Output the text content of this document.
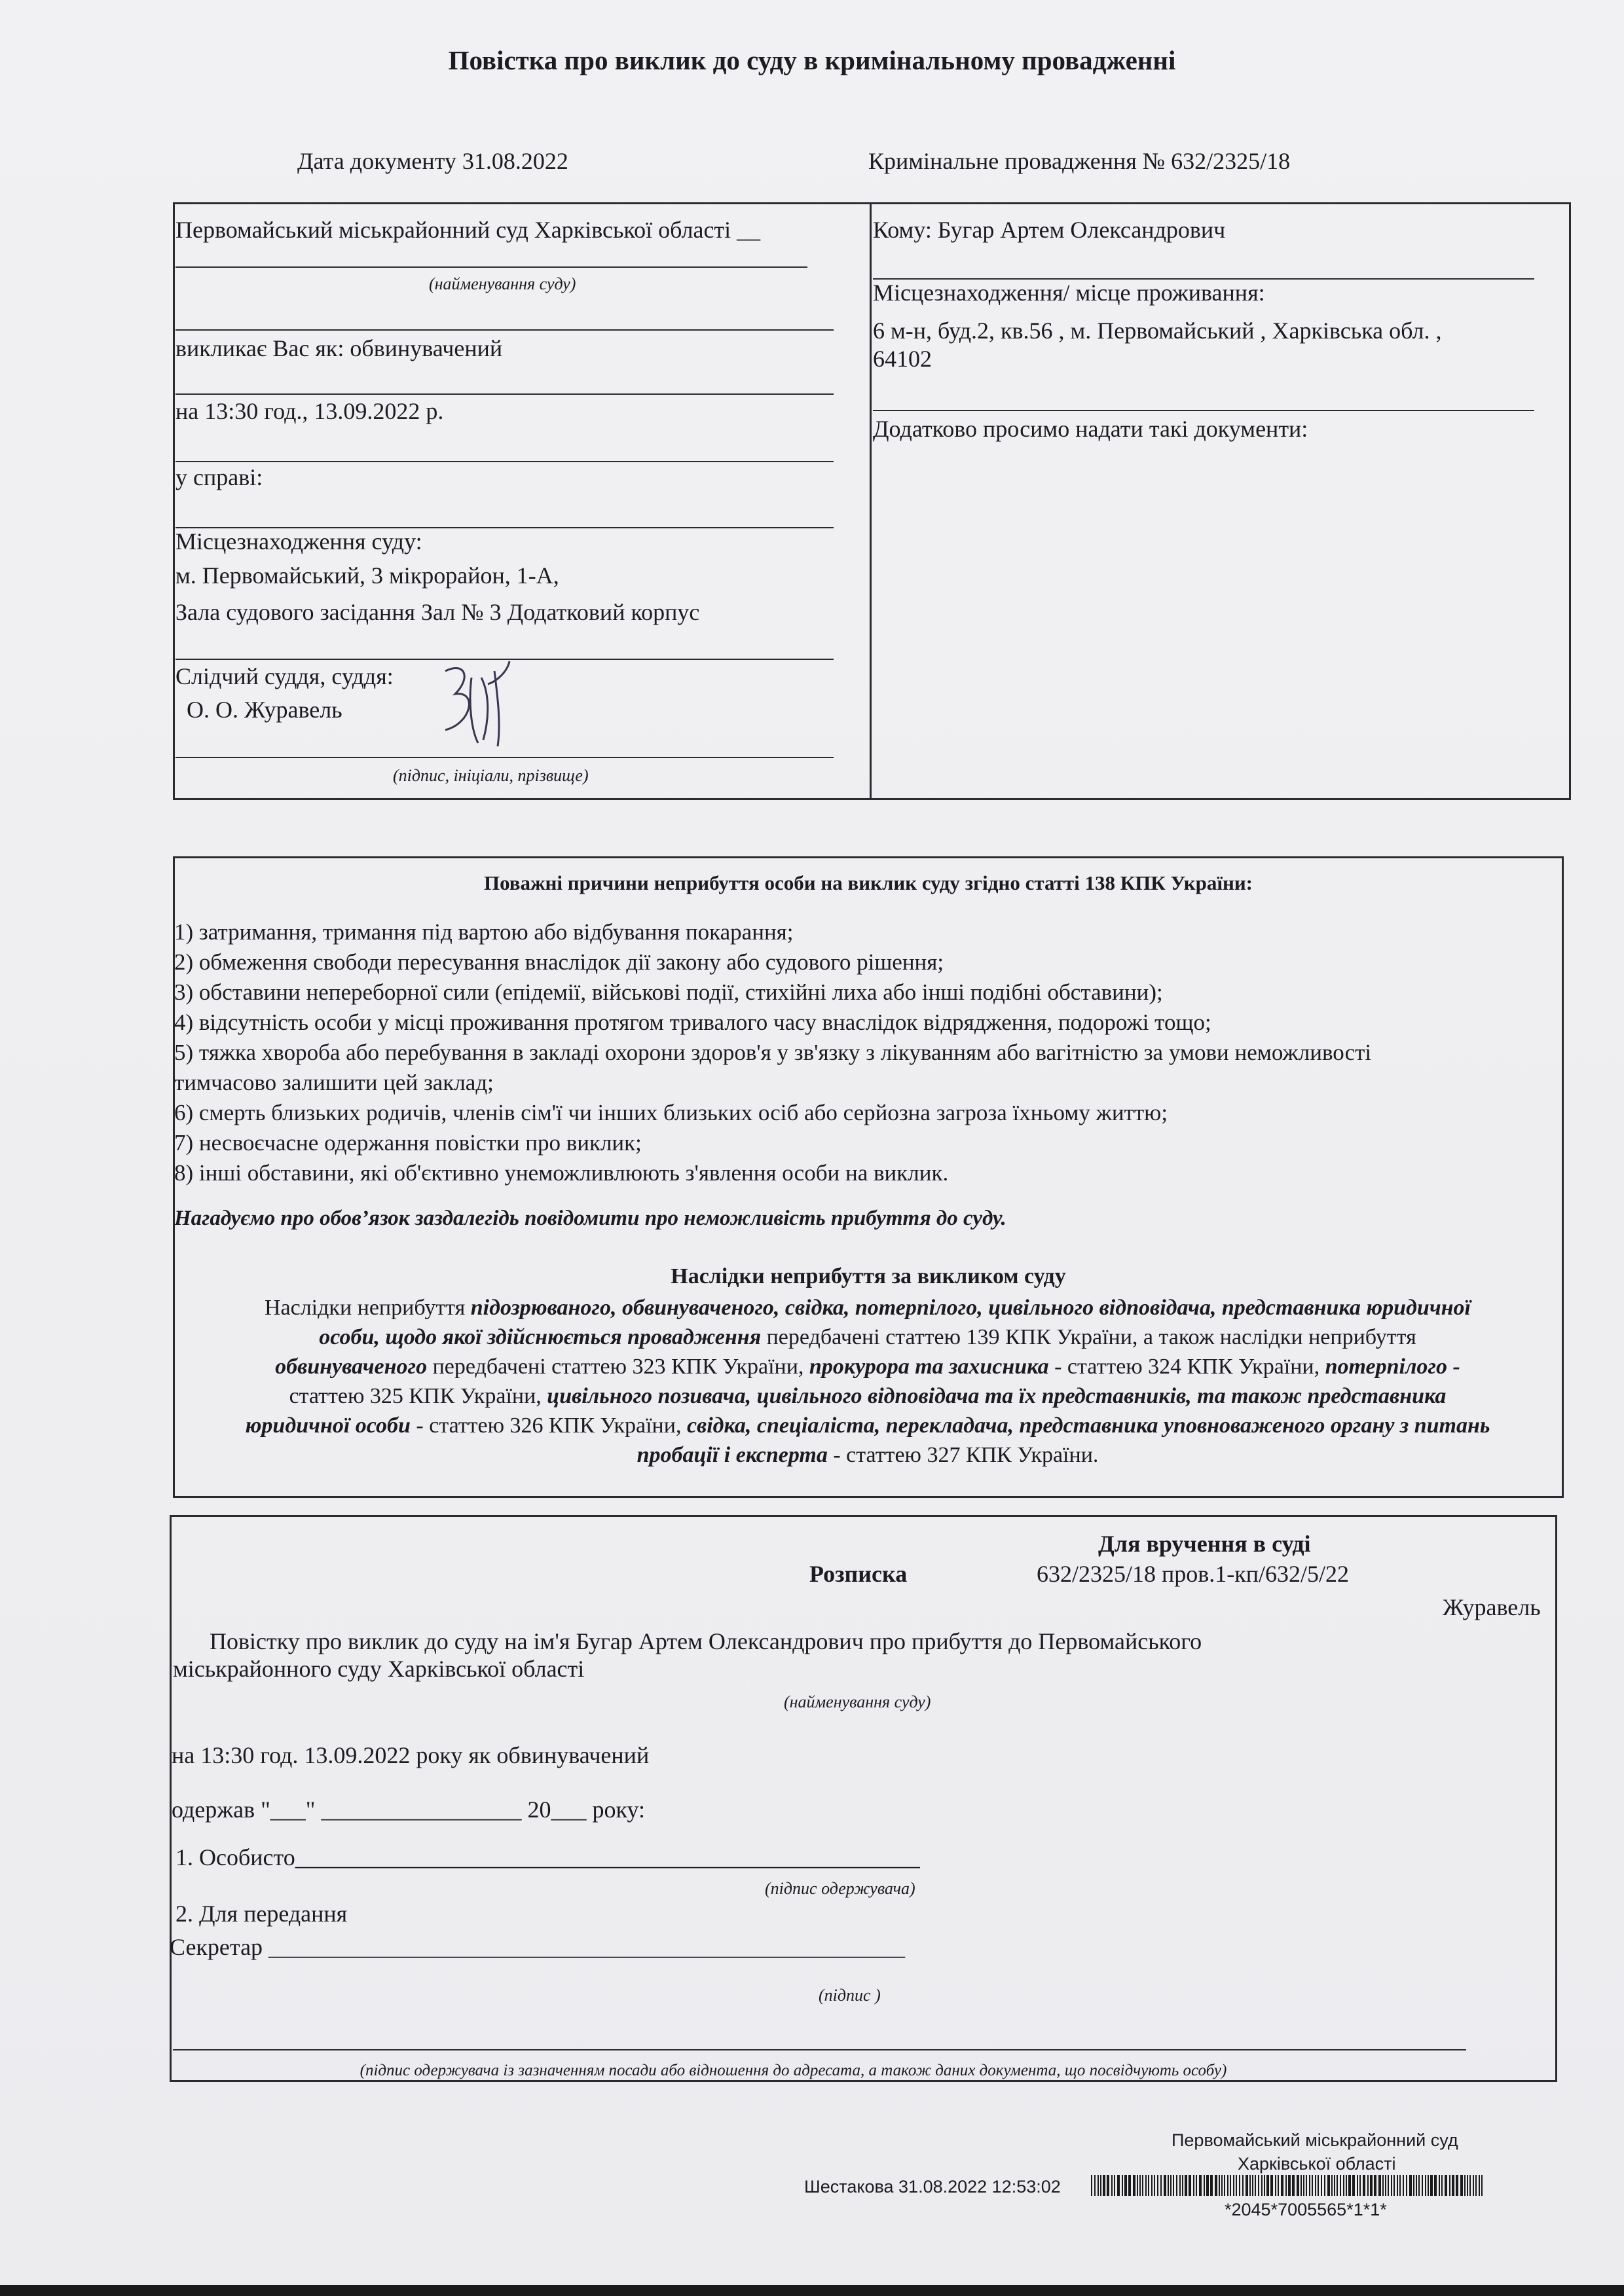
Повістка про виклик до суду в кримінальному провадженні
Дата документу 31.08.2022	Кримінальне провадження № 632/2325/18
Первомайський міськрайонний суд Харківської області __
(найменування суду)
викликає Вас як: обвинувачений
на 13:30 год., 13.09.2022 р.
у справі:
Місцезнаходження суду:
м. Первомайський, 3 мікрорайон, 1-А,
Зала судового засідання Зал № 3 Додатковий корпус
Слідчий суддя, суддя:
О. О. Журавель
(підпис, ініціали, прізвище)
Кому: Бугар Артем Олександрович
Місцезнаходження/ місце проживання:
6 м-н, буд.2, кв.56 , м. Первомайський , Харківська обл. ,
64102
Додатково просимо надати такі документи:
Поважні причини неприбуття особи на виклик суду згідно статті 138 КПК України:
1) затримання, тримання під вартою або відбування покарання;
2) обмеження свободи пересування внаслідок дії закону або судового рішення;
3) обставини непереборної сили (епідемії, військові події, стихійні лиха або інші подібні обставини);
4) відсутність особи у місці проживання протягом тривалого часу внаслідок відрядження, подорожі тощо;
5) тяжка хвороба або перебування в закладі охорони здоров'я у зв'язку з лікуванням або вагітністю за умови неможливості
тимчасово залишити цей заклад;
6) смерть близьких родичів, членів сім'ї чи інших близьких осіб або серйозна загроза їхньому життю;
7) несвоєчасне одержання повістки про виклик;
8) інші обставини, які об'єктивно унеможливлюють з'явлення особи на виклик.
Нагадуємо про обов’язок заздалегідь повідомити про неможливість прибуття до суду.
Наслідки неприбуття за викликом суду
Наслідки неприбуття підозрюваного, обвинуваченого, свідка, потерпілого, цивільного відповідача, представника юридичної
особи, щодо якої здійснюється провадження передбачені статтею 139 КПК України, а також наслідки неприбуття
обвинуваченого передбачені статтею 323 КПК України, прокурора та захисника - статтею 324 КПК України, потерпілого -
статтею 325 КПК України, цивільного позивача, цивільного відповідача та їх представників, та також представника
юридичної особи - статтею 326 КПК України, свідка, спеціаліста, перекладача, представника уповноваженого органу з питань
пробації і експерта - статтею 327 КПК України.
Для вручення в суді
Розписка	632/2325/18 пров.1-кп/632/5/22
Журавель
Повістку про виклик до суду на ім'я Бугар Артем Олександрович про прибуття до Первомайського
міськрайонного суду Харківської області
(найменування суду)
на 13:30 год. 13.09.2022 року як обвинувачений
одержав "___" _________________ 20___ року:
1. Особисто_____________________________________________________
(підпис одержувача)
2. Для передання
Секретар ______________________________________________________
(підпис )
(підпис одержувача із зазначенням посади або відношення до адресата, а також даних документа, що посвідчують особу)
Первомайський міськрайонний суд
Харківської області
Шестакова 31.08.2022 12:53:02
*2045*7005565*1*1*
